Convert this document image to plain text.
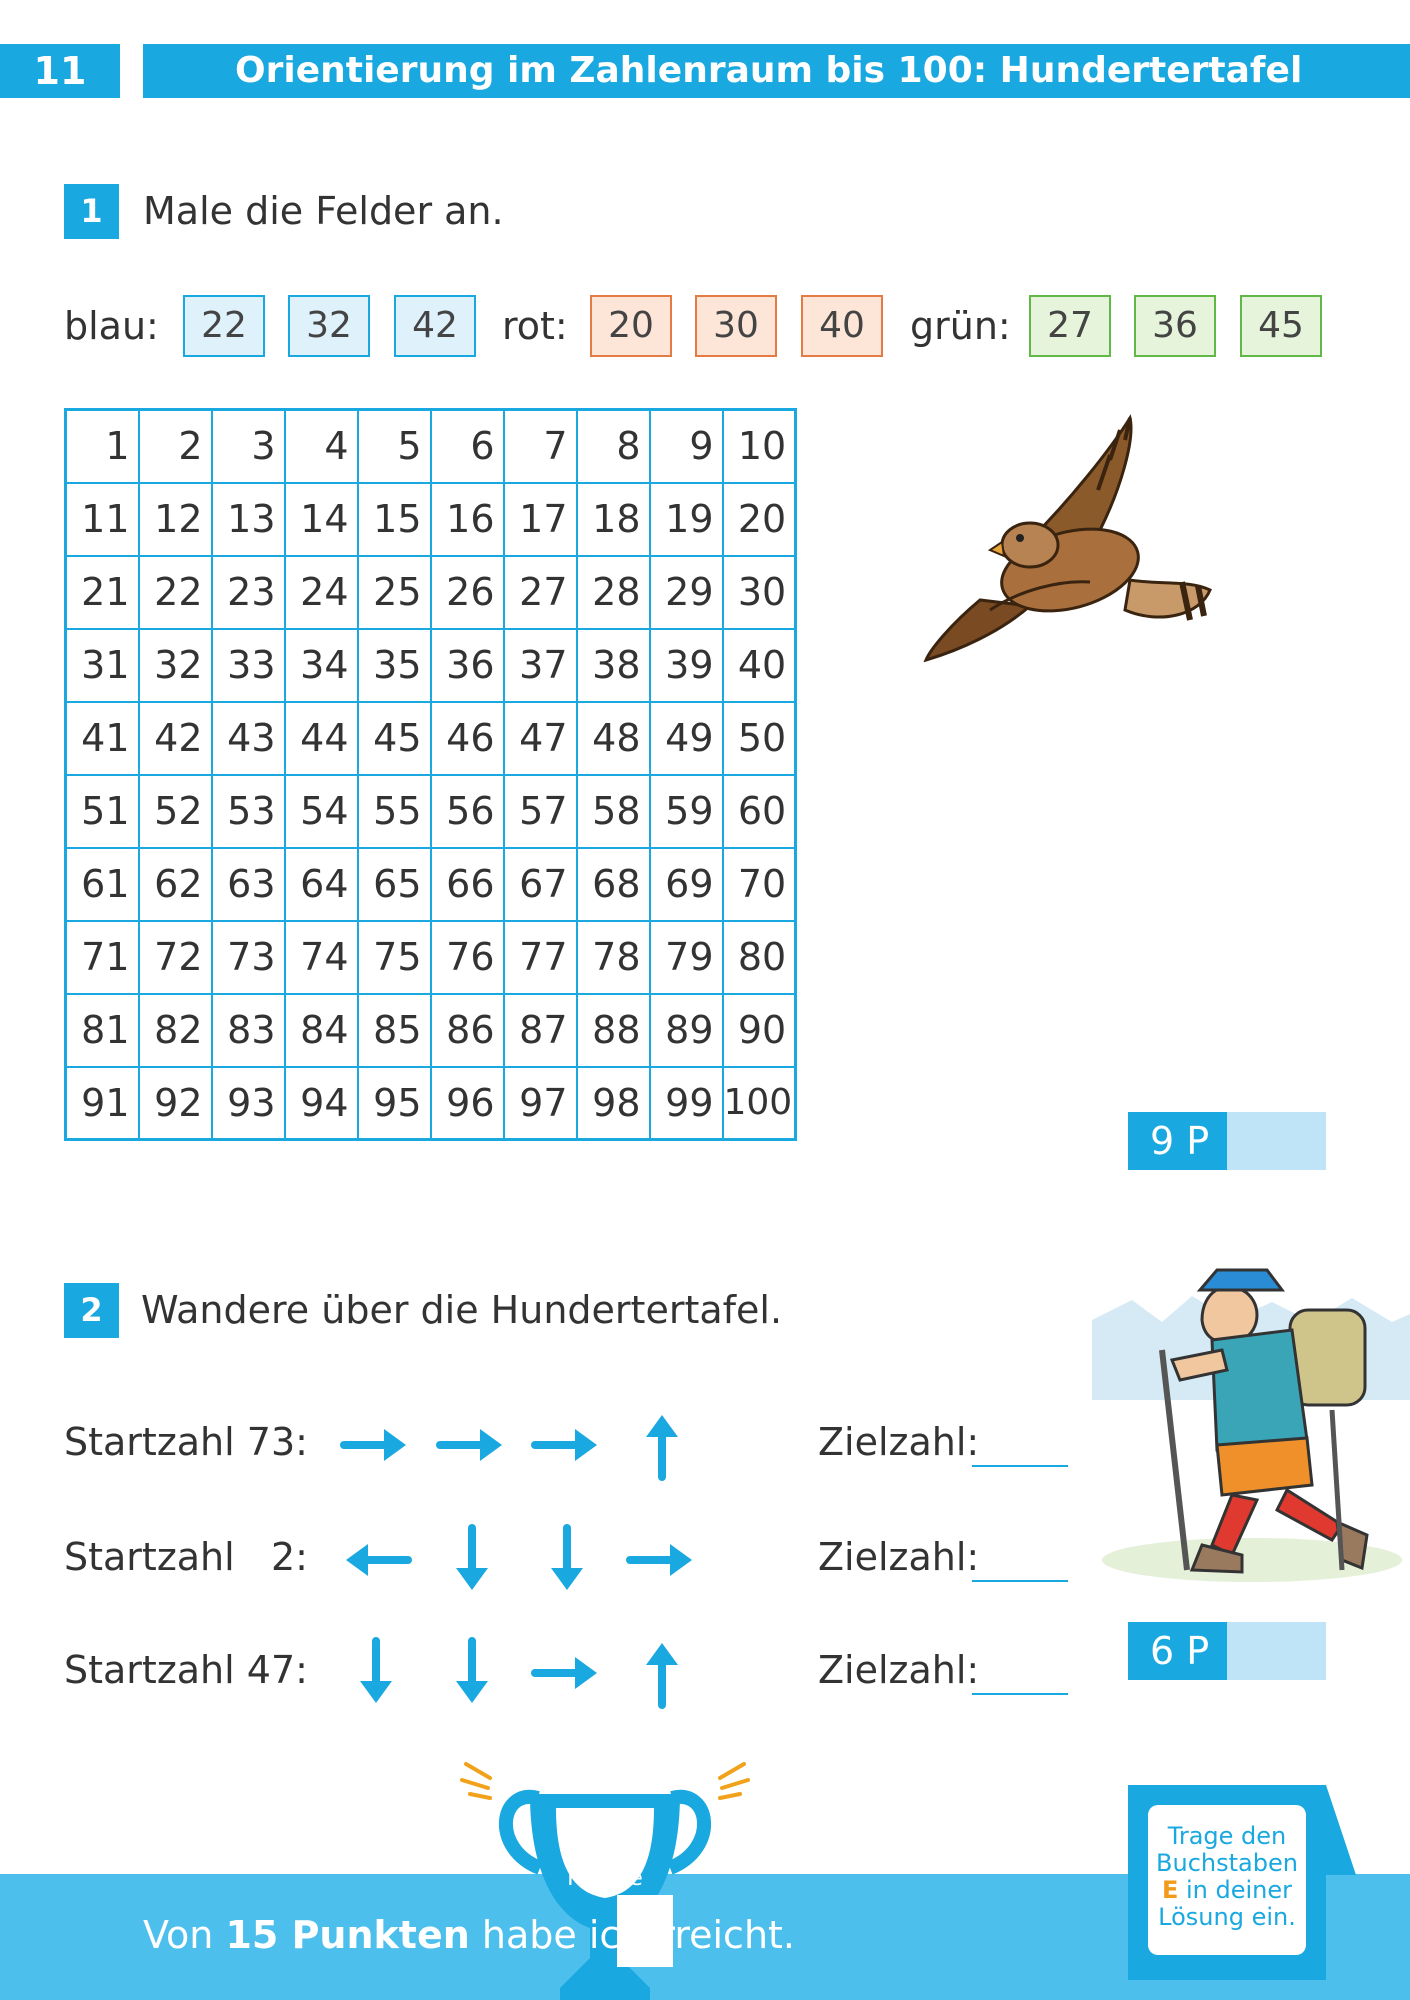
11	Orientierung im Zahlenraum bis 100: Hundertertafel
1	Male die Felder an.
blau:	22	32	42	rot:	20	30	40	grün:	27	36	45
1	2	3	4	5	6	7	8	9	10
11	12	13	14	15	16	17	18	19	20
21	22	23	24	25	26	27	28	29	30
31	32	33	34	35	36	37	38	39	40
41	42	43	44	45	46	47	48	49	50
51	52	53	54	55	56	57	58	59	60
61	62	63	64	65	66	67	68	69	70
71	72	73	74	75	76	77	78	79	80
81	82	83	84	85	86	87	88	89	90
91	92	93	94	95	96	97	98	99	100
9 P
2	Wandere über die Hundertertafel.
Startzahl 73:	Zielzahl:
Startzahl   2:	Zielzahl:
Startzahl 47:	Zielzahl:	6 P
Punkte
Von 15 Punkten habe ich
erreicht.
Trage den
Buchstaben
E in deiner
Lösung ein.
